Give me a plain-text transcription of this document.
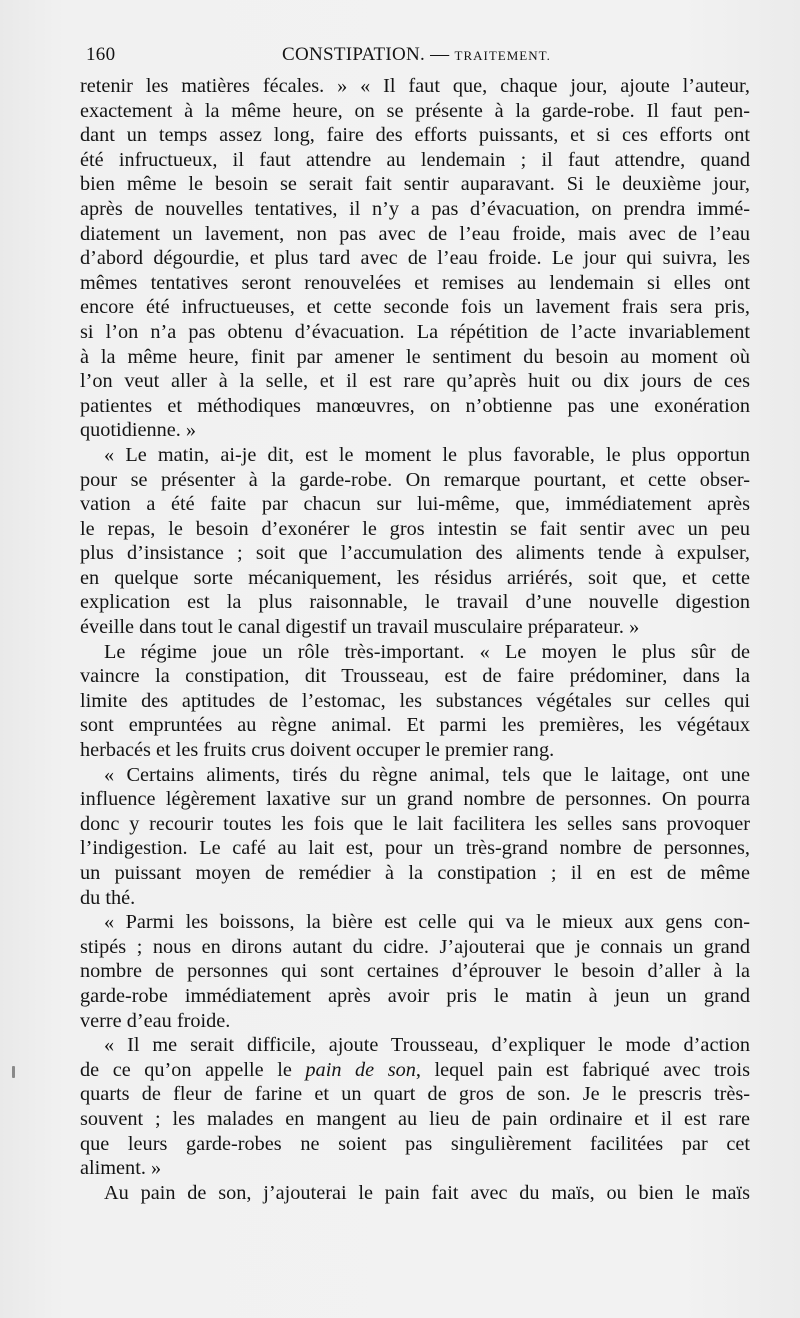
160	CONSTIPATION. — TRAITEMENT.
retenir les matières fécales. » « Il faut que, chaque jour, ajoute l’auteur,
exactement à la même heure, on se présente à la garde-robe. Il faut pen-
dant un temps assez long, faire des efforts puissants, et si ces efforts ont
été infructueux, il faut attendre au lendemain ; il faut attendre, quand
bien même le besoin se serait fait sentir auparavant. Si le deuxième jour,
après de nouvelles tentatives, il n’y a pas d’évacuation, on prendra immé-
diatement un lavement, non pas avec de l’eau froide, mais avec de l’eau
d’abord dégourdie, et plus tard avec de l’eau froide. Le jour qui suivra, les
mêmes tentatives seront renouvelées et remises au lendemain si elles ont
encore été infructueuses, et cette seconde fois un lavement frais sera pris,
si l’on n’a pas obtenu d’évacuation. La répétition de l’acte invariablement
à la même heure, finit par amener le sentiment du besoin au moment où
l’on veut aller à la selle, et il est rare qu’après huit ou dix jours de ces
patientes et méthodiques manœuvres, on n’obtienne pas une exonération
quotidienne. »
« Le matin, ai-je dit, est le moment le plus favorable, le plus opportun
pour se présenter à la garde-robe. On remarque pourtant, et cette obser-
vation a été faite par chacun sur lui-même, que, immédiatement après
le repas, le besoin d’exonérer le gros intestin se fait sentir avec un peu
plus d’insistance ; soit que l’accumulation des aliments tende à expulser,
en quelque sorte mécaniquement, les résidus arriérés, soit que, et cette
explication est la plus raisonnable, le travail d’une nouvelle digestion
éveille dans tout le canal digestif un travail musculaire préparateur. »
Le régime joue un rôle très-important. « Le moyen le plus sûr de
vaincre la constipation, dit Trousseau, est de faire prédominer, dans la
limite des aptitudes de l’estomac, les substances végétales sur celles qui
sont empruntées au règne animal. Et parmi les premières, les végétaux
herbacés et les fruits crus doivent occuper le premier rang.
« Certains aliments, tirés du règne animal, tels que le laitage, ont une
influence légèrement laxative sur un grand nombre de personnes. On pourra
donc y recourir toutes les fois que le lait facilitera les selles sans provoquer
l’indigestion. Le café au lait est, pour un très-grand nombre de personnes,
un puissant moyen de remédier à la constipation ; il en est de même
du thé.
« Parmi les boissons, la bière est celle qui va le mieux aux gens con-
stipés ; nous en dirons autant du cidre. J’ajouterai que je connais un grand
nombre de personnes qui sont certaines d’éprouver le besoin d’aller à la
garde-robe immédiatement après avoir pris le matin à jeun un grand
verre d’eau froide.
« Il me serait difficile, ajoute Trousseau, d’expliquer le mode d’action
de ce qu’on appelle le pain de son, lequel pain est fabriqué avec trois
quarts de fleur de farine et un quart de gros de son. Je le prescris très-
souvent ; les malades en mangent au lieu de pain ordinaire et il est rare
que leurs garde-robes ne soient pas singulièrement facilitées par cet
aliment. »
Au pain de son, j’ajouterai le pain fait avec du maïs, ou bien le maïs
